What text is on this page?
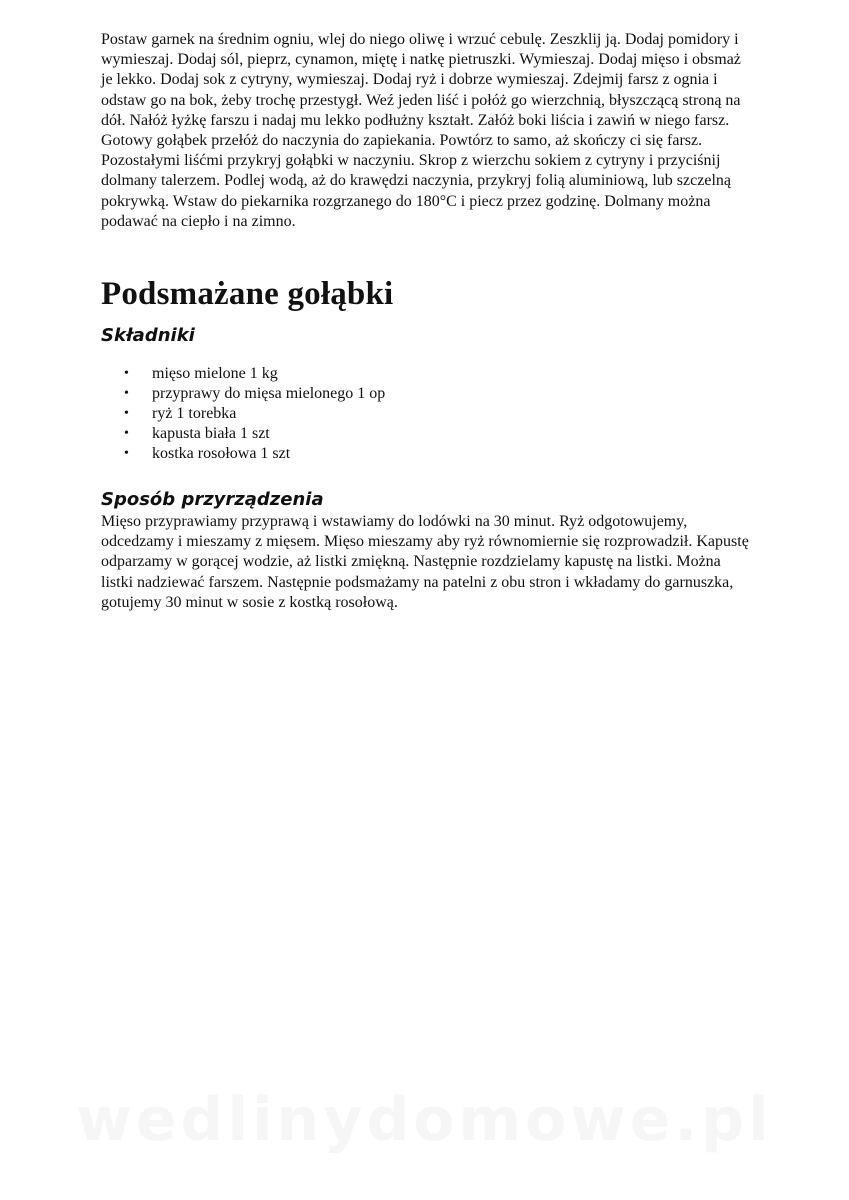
Postaw garnek na średnim ogniu, wlej do niego oliwę i wrzuć cebulę. Zeszklij ją. Dodaj pomidory i wymieszaj. Dodaj sól, pieprz, cynamon, miętę i natkę pietruszki. Wymieszaj. Dodaj mięso i obsmaż je lekko. Dodaj sok z cytryny, wymieszaj. Dodaj ryż i dobrze wymieszaj. Zdejmij farsz z ognia i odstaw go na bok, żeby trochę przestygł. Weź jeden liść i połóż go wierzchnią, błyszczącą stroną na dół. Nałóż łyżkę farszu i nadaj mu lekko podłużny kształt. Załóż boki liścia i zawiń w niego farsz. Gotowy gołąbek przełóż do naczynia do zapiekania. Powtórz to samo, aż skończy ci się farsz. Pozostałymi liśćmi przykryj gołąbki w naczyniu. Skrop z wierzchu sokiem z cytryny i przyciśnij dolmany talerzem. Podlej wodą, aż do krawędzi naczynia, przykryj folią aluminiową, lub szczelną pokrywką. Wstaw do piekarnika rozgrzanego do 180°C i piecz przez godzinę. Dolmany można podawać na ciepło i na zimno.

Podsmażane gołąbki
Składniki
• mięso mielone 1 kg
• przyprawy do mięsa mielonego 1 op
• ryż 1 torebka
• kapusta biała 1 szt
• kostka rosołowa 1 szt
Sposób przyrządzenia

Mięso przyprawiamy przyprawą i wstawiamy do lodówki na 30 minut. Ryż odgotowujemy, odcedzamy i mieszamy z mięsem. Mięso mieszamy aby ryż równomiernie się rozprowadził. Kapustę odparzamy w gorącej wodzie, aż listki zmiękną. Następnie rozdzielamy kapustę na listki. Można listki nadziewać farszem. Następnie podsmażamy na patelni z obu stron i wkładamy do garnuszka, gotujemy 30 minut w sosie z kostką rosołową.

wedlinydomowe.pl
